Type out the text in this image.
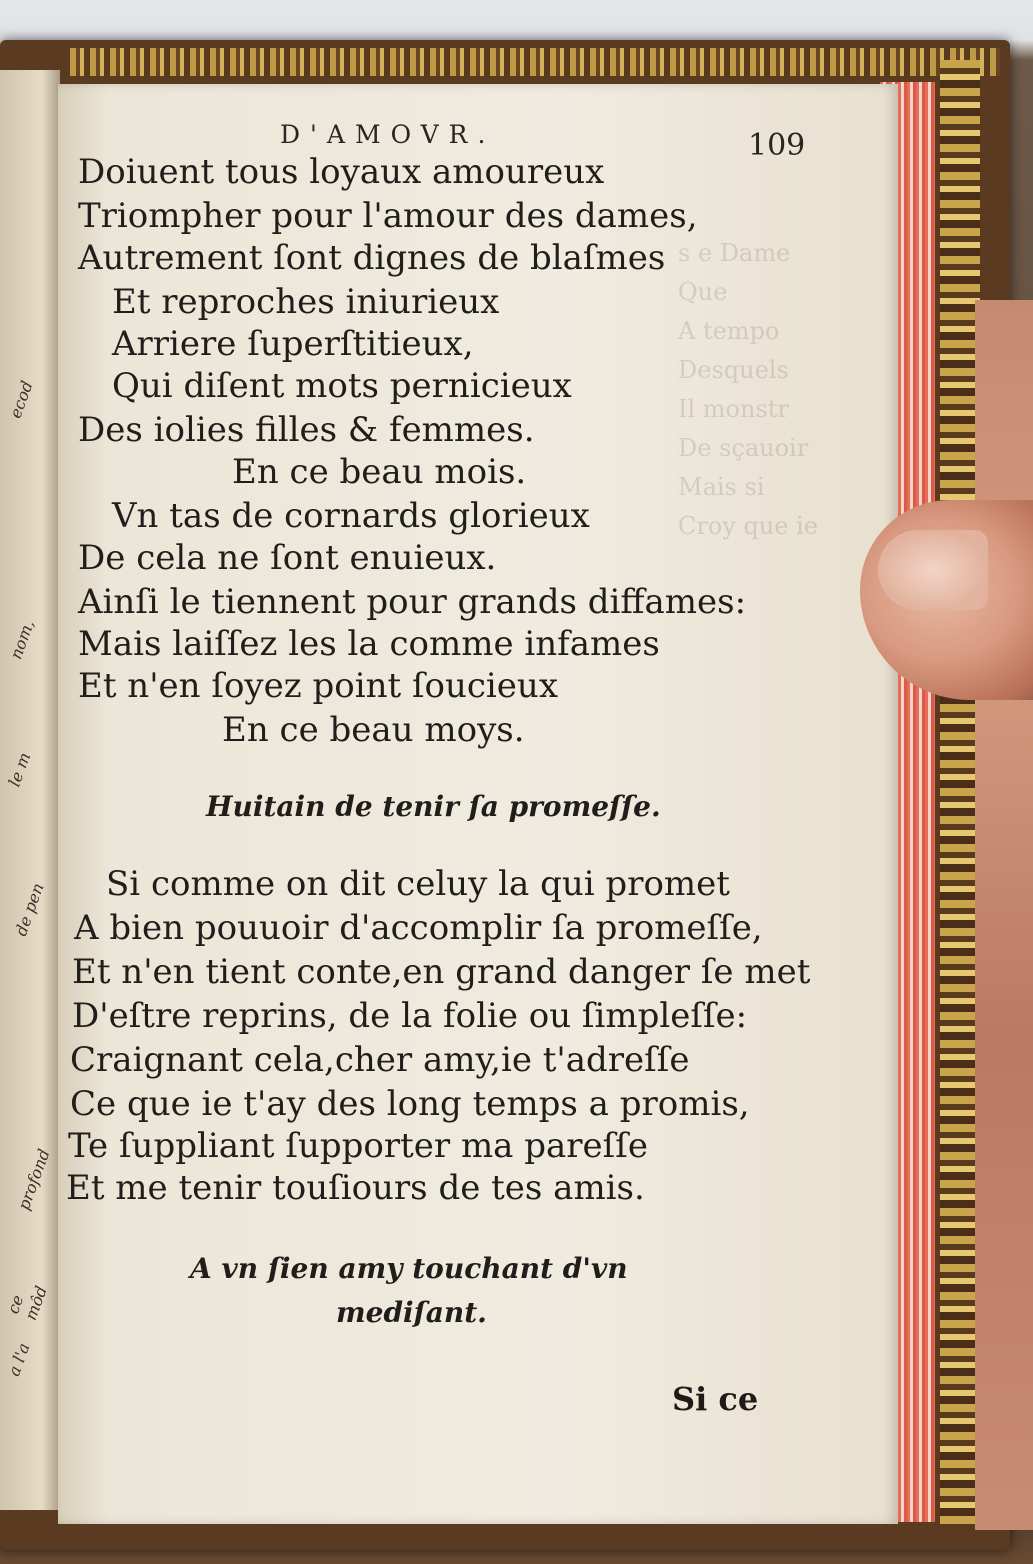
ecod
nom,
le m
de pen
profond
ce môd
a l'a
s e Dame
Que
A tempo
Desquels
Il monstr
De sçauoir
Mais si
Croy que ie
D'AMOVR.	109
Doiuent tous loyaux amoureux
Triompher pour l'amour des dames,
Autrement ſont dignes de blaſmes
Et reproches iniurieux
Arriere ſuperſtitieux,
Qui diſent mots pernicieux
Des iolies filles & femmes.
En ce beau mois.
Vn tas de cornards glorieux
De cela ne ſont enuieux.
Ainſi le tiennent pour grands diffames:
Mais laiſſez les la comme infames
Et n'en ſoyez point ſoucieux
En ce beau moys.
Huitain de tenir ſa promeſſe.
Si comme on dit celuy la qui promet
A bien pouuoir d'accomplir ſa promeſſe,
Et n'en tient conte,en grand danger ſe met
D'eſtre reprins, de la folie ou ſimpleſſe:
Craignant cela,cher amy,ie t'adreſſe
Ce que ie t'ay des long temps a promis,
Te ſuppliant ſupporter ma pareſſe
Et me tenir touſiours de tes amis.
A vn ſien amy touchant d'vn
mediſant.
Si ce
